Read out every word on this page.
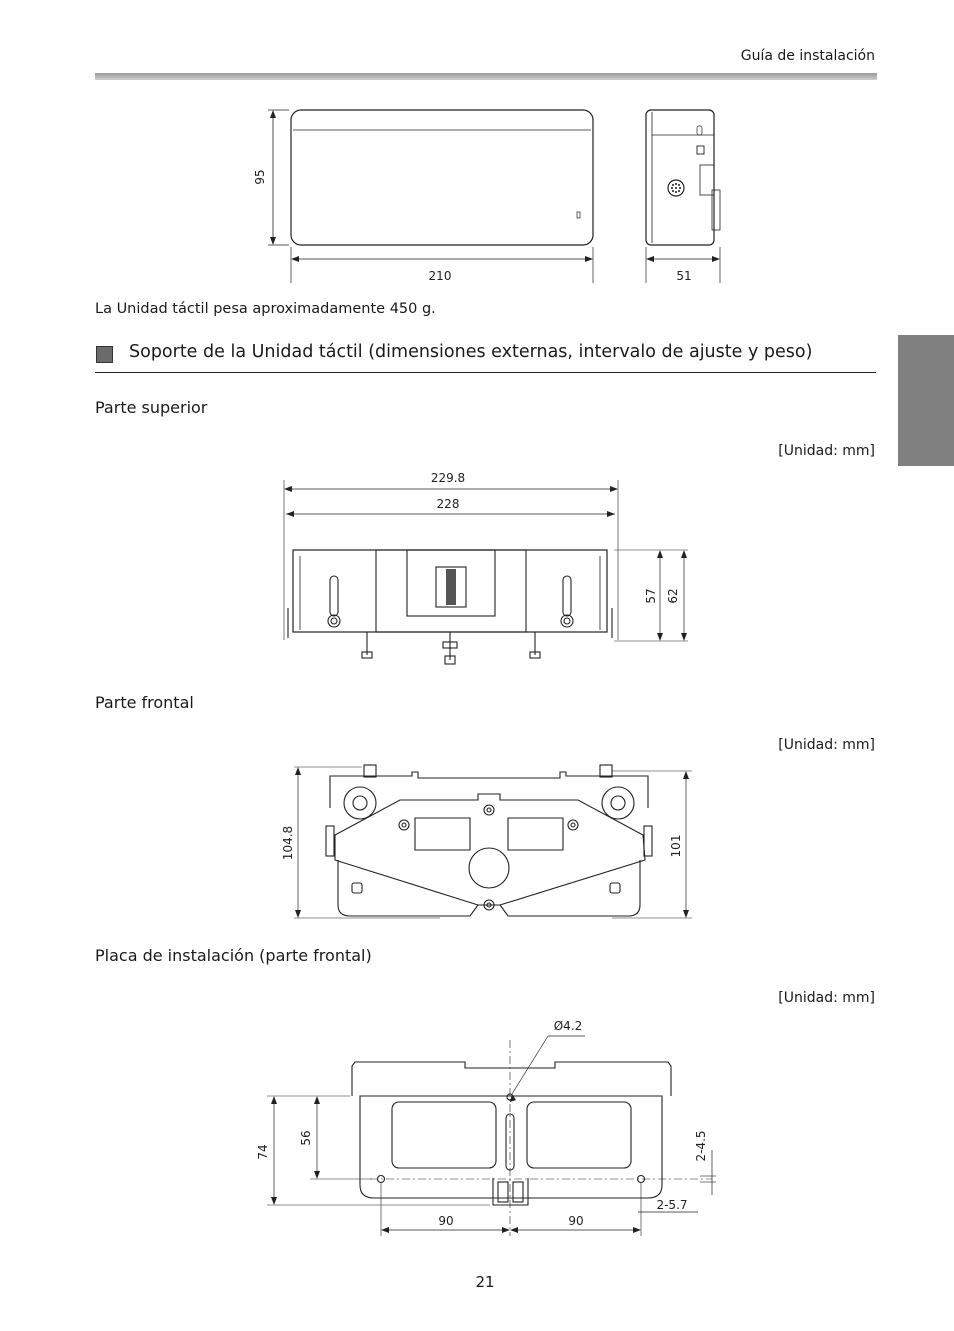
Guía de instalación
95
210	51
La Unidad táctil pesa aproximadamente 450 g.
Soporte de la Unidad táctil (dimensiones externas, intervalo de ajuste y peso)
Parte superior
[Unidad: mm]
229.8
228
57 62
Parte frontal
[Unidad: mm]
104.8	101
Placa de instalación (parte frontal)
[Unidad: mm]
Ø4.2
74
56	2-4.5
2-5.7
90	90
21
